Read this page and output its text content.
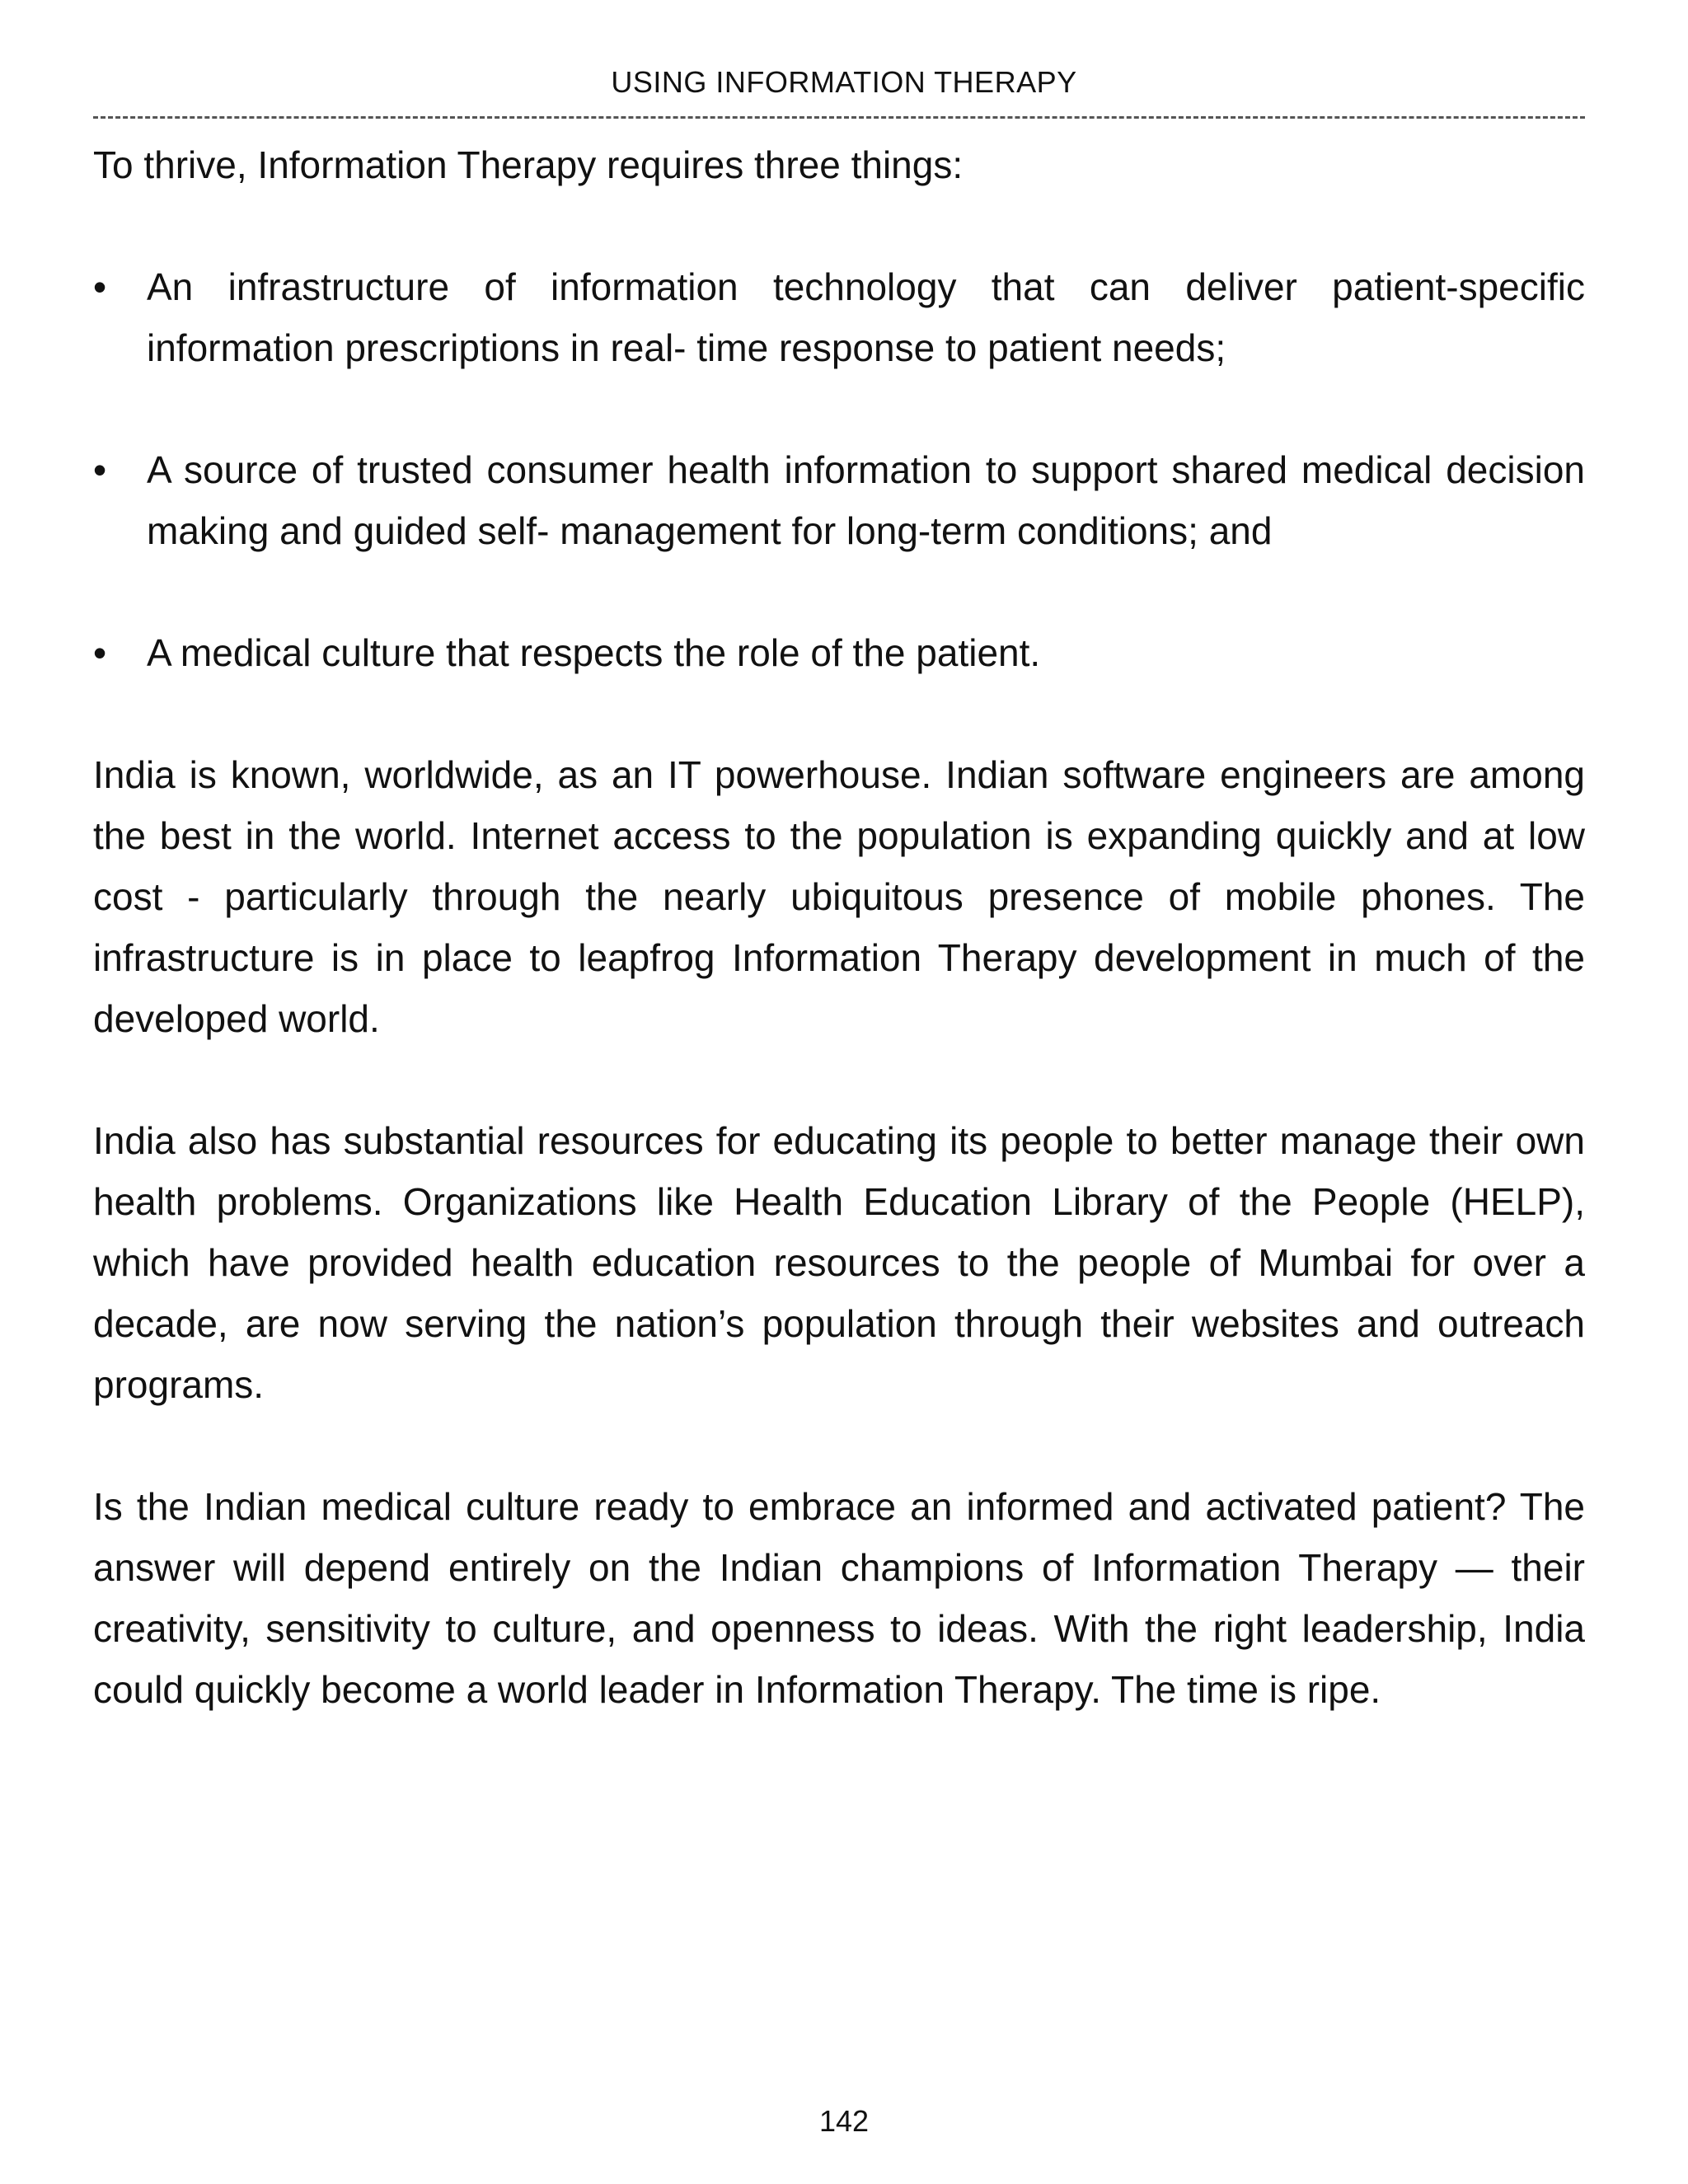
USING INFORMATION THERAPY

To thrive, Information Therapy requires three things:

•	An infrastructure of information technology that can deliver patient-specific information prescriptions in real- time response to patient needs;
•	A source of trusted consumer health information to support shared medical decision making and guided self- management for long-term conditions; and
•	A medical culture that respects the role of the patient.

India is known, worldwide, as an IT powerhouse. Indian software engineers are among the best in the world. Internet access to the population is expanding quickly and at low cost - particularly through the nearly ubiquitous presence of mobile phones. The infrastructure is in place to leapfrog Information Therapy development in much of the developed world.

India also has substantial resources for educating its people to better manage their own health problems. Organizations like Health Education Library of the People (HELP), which have provided health education resources to the people of Mumbai for over a decade, are now serving the nation’s population through their websites and outreach programs.

Is the Indian medical culture ready to embrace an informed and activated patient? The answer will depend entirely on the Indian champions of Information Therapy — their creativity, sensitivity to culture, and openness to ideas. With the right leadership, India could quickly become a world leader in Information Therapy. The time is ripe.

142
